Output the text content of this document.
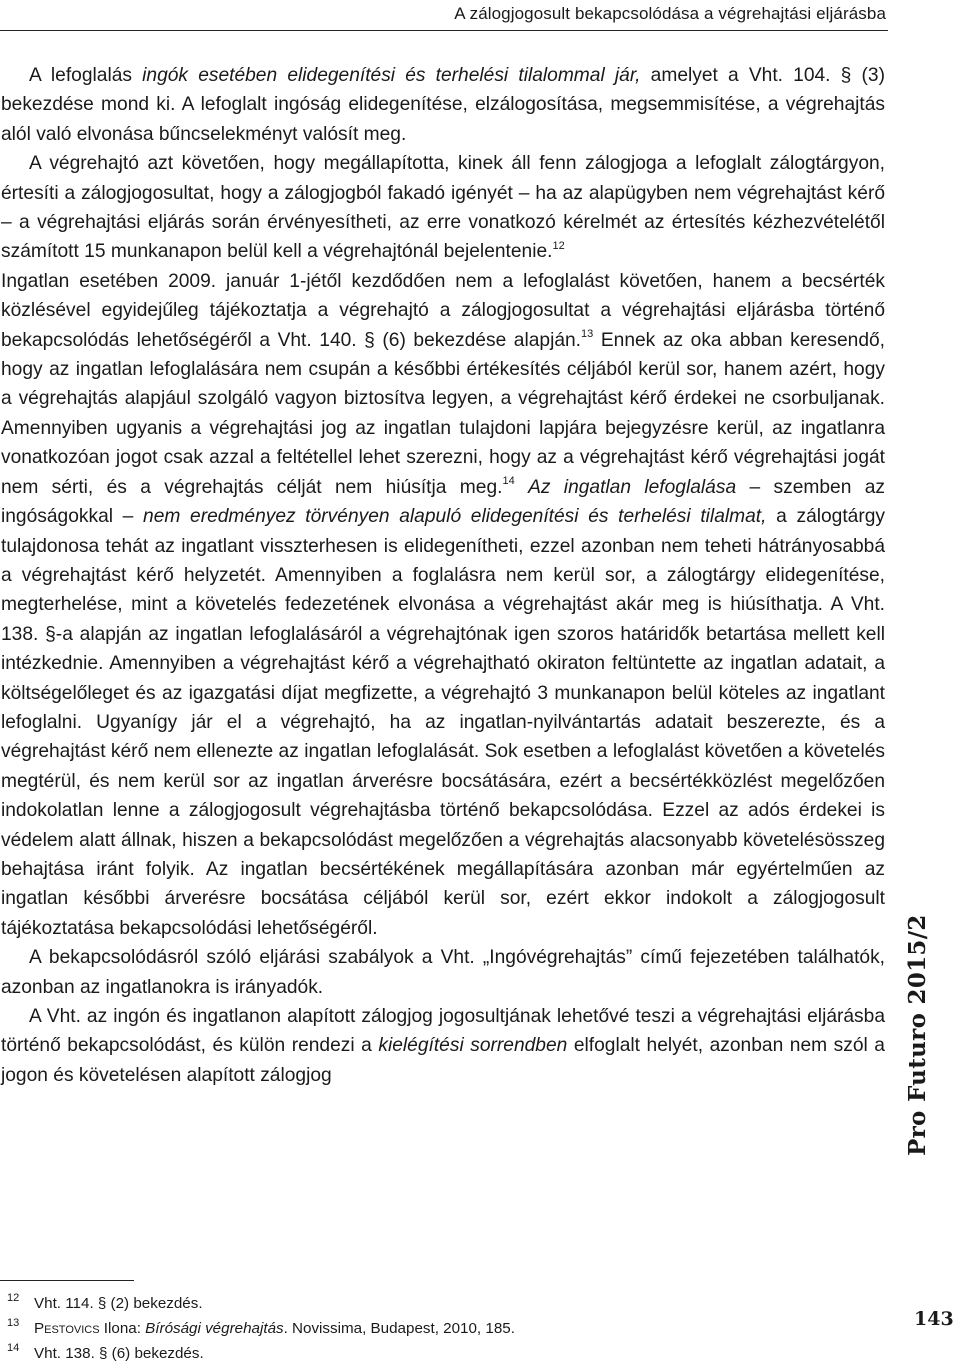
A zálogjogosult bekapcsolódása a végrehajtási eljárásba

A lefoglalás ingók esetében elidegenítési és terhelési tilalommal jár, amelyet a Vht. 104. § (3) bekezdése mond ki. A lefoglalt ingóság elidegenítése, elzálogosítása, megsemmisítése, a végrehajtás alól való elvonása bűncselekményt valósít meg.

A végrehajtó azt követően, hogy megállapította, kinek áll fenn zálogjoga a lefoglalt zálogtárgyon, értesíti a zálogjogosultat, hogy a zálogjogból fakadó igényét – ha az alapügyben nem végrehajtást kérő – a végrehajtási eljárás során érvényesítheti, az erre vonatkozó kérelmét az értesítés kézhezvételétől számított 15 munkanapon belül kell a végrehajtónál bejelentenie.$^{12}$

Ingatlan esetében 2009. január 1-jétől kezdődően nem a lefoglalást követően, hanem a becsérték közlésével egyidejűleg tájékoztatja a végrehajtó a zálogjogosultat a végrehajtási eljárásba történő bekapcsolódás lehetőségéről a Vht. 140. § (6) bekezdése alapján.$^{13}$ Ennek az oka abban keresendő, hogy az ingatlan lefoglalására nem csupán a későbbi értékesítés céljából kerül sor, hanem azért, hogy a végrehajtás alapjául szolgáló vagyon biztosítva legyen, a végrehajtást kérő érdekei ne csorbuljanak. Amennyiben ugyanis a végrehajtási jog az ingatlan tulajdoni lapjára bejegyzésre kerül, az ingatlanra vonatkozóan jogot csak azzal a feltétellel lehet szerezni, hogy az a végrehajtást kérő végrehajtási jogát nem sérti, és a végrehajtás célját nem hiúsítja meg.$^{14}$ Az ingatlan lefoglalása – szemben az ingóságokkal – nem eredményez törvényen alapuló elidegenítési és terhelési tilalmat, a zálogtárgy tulajdonosa tehát az ingatlant visszterhesen is elidegenítheti, ezzel azonban nem teheti hátrányosabbá a végrehajtást kérő helyzetét. Amennyiben a foglalásra nem kerül sor, a zálogtárgy elidegenítése, megterhelése, mint a követelés fedezetének elvonása a végrehajtást akár meg is hiúsíthatja. A Vht. 138. §-a alapján az ingatlan lefoglalásáról a végrehajtónak igen szoros határidők betartása mellett kell intézkednie. Amennyiben a végrehajtást kérő a végrehajtható okiraton feltüntette az ingatlan adatait, a költségelőleget és az igazgatási díjat megfizette, a végrehajtó 3 munkanapon belül köteles az ingatlant lefoglalni. Ugyanígy jár el a végrehajtó, ha az ingatlan-nyilvántartás adatait beszerezte, és a végrehajtást kérő nem ellenezte az ingatlan lefoglalását. Sok esetben a lefoglalást követően a követelés megtérül, és nem kerül sor az ingatlan árverésre bocsátására, ezért a becsértékközlést megelőzően indokolatlan lenne a zálogjogosult végrehajtásba történő bekapcsolódása. Ezzel az adós érdekei is védelem alatt állnak, hiszen a bekapcsolódást megelőzően a végrehajtás alacsonyabb követelésösszeg behajtása iránt folyik. Az ingatlan becsértékének megállapítására azonban már egyértelműen az ingatlan későbbi árverésre bocsátása céljából kerül sor, ezért ekkor indokolt a zálogjogosult tájékoztatása bekapcsolódási lehetőségéről.

A bekapcsolódásról szóló eljárási szabályok a Vht. „Ingóvégrehajtás” című fejezetében találhatók, azonban az ingatlanokra is irányadók.

A Vht. az ingón és ingatlanon alapított zálogjog jogosultjának lehetővé teszi a végrehajtási eljárásba történő bekapcsolódást, és külön rendezi a kielégítési sorrendben elfoglalt helyét, azonban nem szól a jogon és követelésen alapított zálogjog

12 Vht. 114. § (2) bekezdés.
13 Pestovics Ilona: Bírósági végrehajtás. Novissima, Budapest, 2010, 185.
14 Vht. 138. § (6) bekezdés.
Pro Futuro 2015/2
143
